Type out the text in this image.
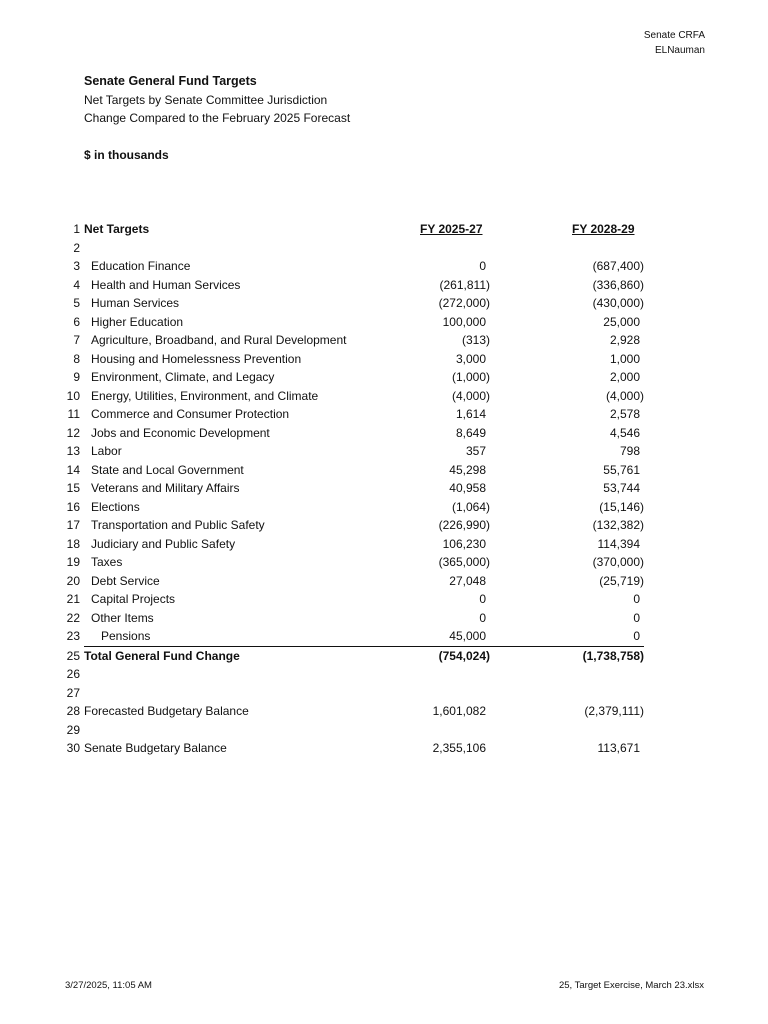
Senate CRFA
ELNauman
Senate General Fund Targets
Net Targets by Senate Committee Jurisdiction
Change Compared to the February 2025 Forecast
$ in thousands
1 Net Targets	FY 2025-27	FY 2028-29
2
3 Education Finance	0	(687,400)
4 Health and Human Services	(261,811)	(336,860)
5 Human Services	(272,000)	(430,000)
6 Higher Education	100,000	25,000
7 Agriculture, Broadband, and Rural Development	(313)	2,928
8 Housing and Homelessness Prevention	3,000	1,000
9 Environment, Climate, and Legacy	(1,000)	2,000
10 Energy, Utilities, Environment, and Climate	(4,000)	(4,000)
11 Commerce and Consumer Protection	1,614	2,578
12 Jobs and Economic Development	8,649	4,546
13 Labor	357	798
14 State and Local Government	45,298	55,761
15 Veterans and Military Affairs	40,958	53,744
16 Elections	(1,064)	(15,146)
17 Transportation and Public Safety	(226,990)	(132,382)
18 Judiciary and Public Safety	106,230	114,394
19 Taxes	(365,000)	(370,000)
20 Debt Service	27,048	(25,719)
21 Capital Projects	0	0
22 Other Items	0	0
23 Pensions	45,000	0
25 Total General Fund Change	(754,024)	(1,738,758)
26
27
28 Forecasted Budgetary Balance	1,601,082	(2,379,111)
29
30 Senate Budgetary Balance	2,355,106	113,671
3/27/2025, 11:05 AM	25, Target Exercise, March 23.xlsx
